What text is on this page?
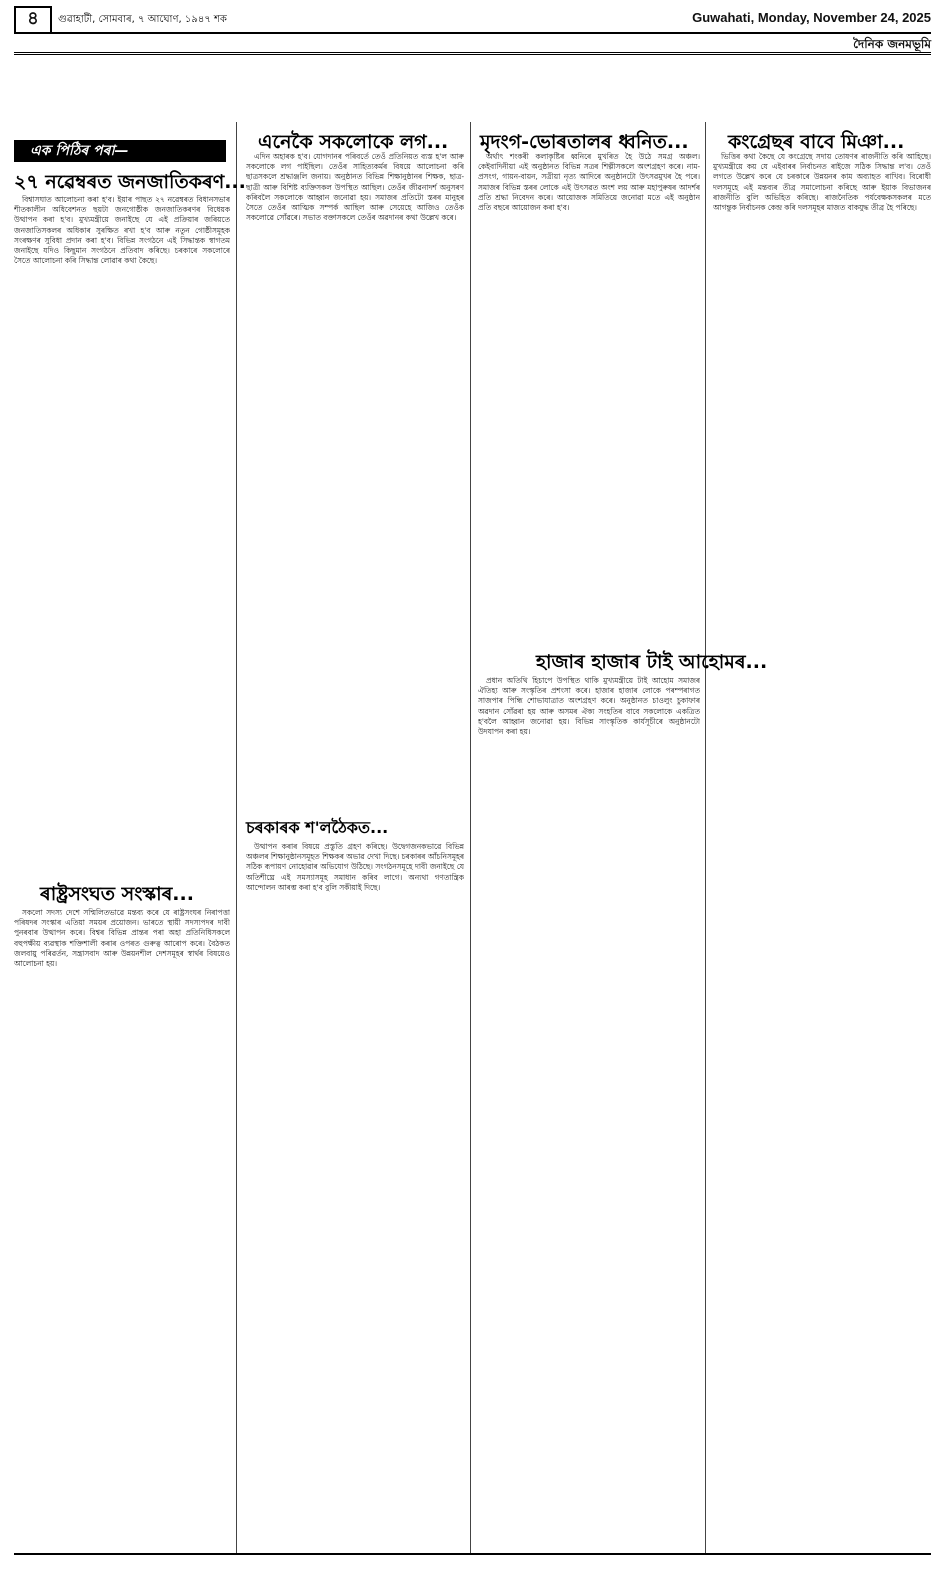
৪	গুৱাহাটী, সোমবাৰ, ৭ আঘোণ, ১৯৪৭ শক	Guwahati, Monday, November 24, 2025
দৈনিক জনমভূমি
এক পিঠিৰ পৰা—
২৭ নৱেম্বৰত জনজাতিকৰণ...
এনেকৈ সকলোকে লগ... মৃদংগ-ভোৰতালৰ ধ্বনিত... কংগ্ৰেছৰ বাবে মিঞা...
ৰাষ্ট্ৰসংঘত সংস্কাৰ...
হাজাৰ হাজাৰ টাই আহোমৰ...
চৰকাৰক শ'লঠৈকত...

বিশ্বাসঘাত আলোচনা কৰা হ'ব। ইয়াৰ পাছত ২৭ নৱেম্বৰত বিধানসভাৰ শীতকালীন অধিবেশনত ছয়টা জনগোষ্ঠীক জনজাতিকৰণৰ বিধেয়ক উত্থাপন কৰা হ'ব। মুখ্যমন্ত্ৰীয়ে জনাইছে যে এই প্ৰক্ৰিয়াৰ জৰিয়তে জনজাতিসকলৰ অধিকাৰ সুৰক্ষিত ৰখা হ'ব আৰু নতুন গোষ্ঠীসমূহক সংৰক্ষণৰ সুবিধা প্ৰদান কৰা হ'ব। বিভিন্ন সংগঠনে এই সিদ্ধান্তক স্বাগতম জনাইছে যদিও কিছুমান সংগঠনে প্ৰতিবাদ কৰিছে। চৰকাৰে সকলোৰে সৈতে আলোচনা কৰি সিদ্ধান্ত লোৱাৰ কথা কৈছে।

সকলো সদস্য দেশে সন্মিলিতভাৱে মন্তব্য কৰে যে ৰাষ্ট্ৰসংঘৰ নিৰাপত্তা পৰিষদৰ সংস্কাৰ এতিয়া সময়ৰ প্ৰয়োজন। ভাৰতে স্থায়ী সদস্যপদৰ দাবী পুনৰবাৰ উত্থাপন কৰে। বিশ্বৰ বিভিন্ন প্ৰান্তৰ পৰা অহা প্ৰতিনিধিসকলে বহুপক্ষীয় ব্যৱস্থাক শক্তিশালী কৰাৰ ওপৰত গুৰুত্ব আৰোপ কৰে। বৈঠকত জলবায়ু পৰিৱৰ্তন, সন্ত্ৰাসবাদ আৰু উন্নয়নশীল দেশসমূহৰ স্বাৰ্থৰ বিষয়েও আলোচনা হয়।

এদিন অহাৰক হ'ব। যোগদানৰ পৰিবৰ্তে তেওঁ প্ৰতিনিয়ত ব্যস্ত হ'ল আৰু সকলোকে লগ পাইছিল। তেওঁৰ সাহিত্যকৰ্মৰ বিষয়ে আলোচনা কৰি ছাত্ৰসকলে শ্ৰদ্ধাঞ্জলি জনায়। অনুষ্ঠানত বিভিন্ন শিক্ষানুষ্ঠানৰ শিক্ষক, ছাত্ৰ-ছাত্ৰী আৰু বিশিষ্ট ব্যক্তিসকল উপস্থিত আছিল। তেওঁৰ জীৱনাদৰ্শ অনুসৰণ কৰিবলৈ সকলোকে আহ্বান জনোৱা হয়। সমাজৰ প্ৰতিটো স্তৰৰ মানুহৰ সৈতে তেওঁৰ আত্মিক সম্পৰ্ক আছিল আৰু সেয়েহে আজিও তেওঁক সকলোৱে সোঁৱৰে। সভাত বক্তাসকলে তেওঁৰ অৱদানৰ কথা উল্লেখ কৰে।

উত্থাপন কৰাৰ বিষয়ে প্ৰস্তুতি গ্ৰহণ কৰিছে। উদ্বেগজনকভাৱে বিভিন্ন অঞ্চলৰ শিক্ষানুষ্ঠানসমূহত শিক্ষকৰ অভাৱ দেখা দিছে। চৰকাৰৰ আঁচনিসমূহৰ সঠিক ৰূপায়ণ নোহোৱাৰ অভিযোগ উঠিছে। সংগঠনসমূহে দাবী জনাইছে যে অতিশীঘ্ৰে এই সমস্যাসমূহ সমাধান কৰিব লাগে। অন্যথা গণতান্ত্ৰিক আন্দোলন আৰম্ভ কৰা হ'ব বুলি সকীয়াই দিছে।

অৰ্থাৎ শংকৰী কলাকৃষ্টিৰ ধ্বনিৰে মুখৰিত হৈ উঠে সমগ্ৰ অঞ্চল। কেইবাদিনীয়া এই অনুষ্ঠানত বিভিন্ন সত্ৰৰ শিল্পীসকলে অংশগ্ৰহণ কৰে। নাম-প্ৰসংগ, গায়ন-বায়ন, সত্ৰীয়া নৃত্য আদিৰে অনুষ্ঠানটো উৎসৱমুখৰ হৈ পৰে। সমাজৰ বিভিন্ন স্তৰৰ লোকে এই উৎসৱত অংশ লয় আৰু মহাপুৰুষৰ আদৰ্শৰ প্ৰতি শ্ৰদ্ধা নিবেদন কৰে। আয়োজক সমিতিয়ে জনোৱা মতে এই অনুষ্ঠান প্ৰতি বছৰে আয়োজন কৰা হ'ব।

প্ৰধান অতিথি হিচাপে উপস্থিত থাকি মুখ্যমন্ত্ৰীয়ে টাই আহোম সমাজৰ ঐতিহ্য আৰু সংস্কৃতিৰ প্ৰশংসা কৰে। হাজাৰ হাজাৰ লোকে পৰম্পৰাগত সাজপাৰ পিন্ধি শোভাযাত্ৰাত অংশগ্ৰহণ কৰে। অনুষ্ঠানত চাওলুং চুকাফাৰ অৱদান সোঁৱৰা হয় আৰু অসমৰ ঐক্য সংহতিৰ বাবে সকলোকে একত্ৰিত হ'বলৈ আহ্বান জনোৱা হয়। বিভিন্ন সাংস্কৃতিক কাৰ্যসূচীৰে অনুষ্ঠানটো উদযাপন কৰা হয়।

ভিত্তিৰ কথা কৈছে যে কংগ্ৰেছে সদায় তোষণৰ ৰাজনীতি কৰি আহিছে। মুখ্যমন্ত্ৰীয়ে কয় যে এইবাৰৰ নিৰ্বাচনত ৰাইজে সঠিক সিদ্ধান্ত ল'ব। তেওঁ লগতে উল্লেখ কৰে যে চৰকাৰে উন্নয়নৰ কাম অব্যাহত ৰাখিব। বিৰোধী দলসমূহে এই মন্তব্যৰ তীব্ৰ সমালোচনা কৰিছে আৰু ইয়াক বিভাজনৰ ৰাজনীতি বুলি অভিহিত কৰিছে। ৰাজনৈতিক পৰ্যবেক্ষকসকলৰ মতে আগন্তুক নিৰ্বাচনক কেন্দ্ৰ কৰি দলসমূহৰ মাজত বাকযুদ্ধ তীব্ৰ হৈ পৰিছে।
